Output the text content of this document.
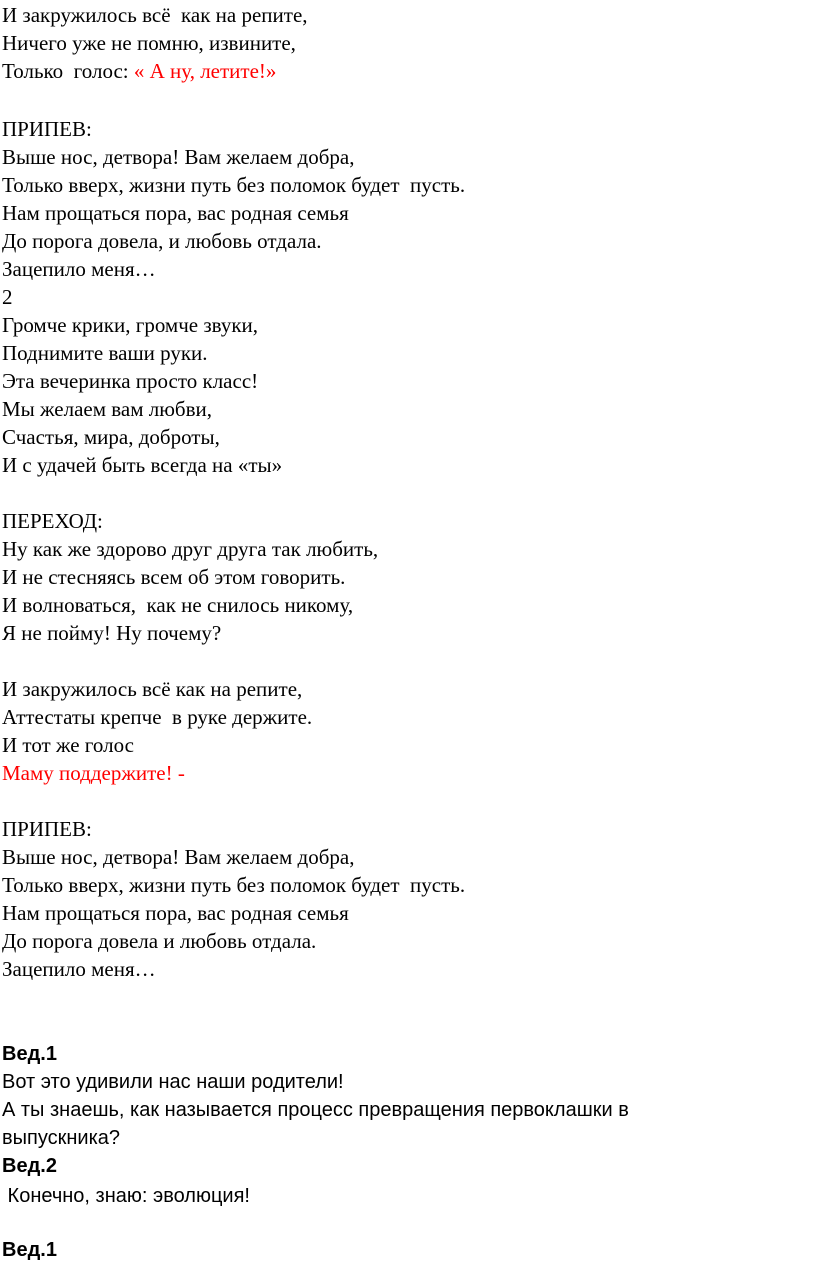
И закружилось всё  как на репите,
Ничего уже не помню, извините,
Только  голос: « А ну, летите!»
ПРИПЕВ:
Выше нос, детвора! Вам желаем добра,
Только вверх, жизни путь без поломок будет  пусть.
Нам прощаться пора, вас родная семья
До порога довела, и любовь отдала.
Зацепило меня…
2
Громче крики, громче звуки,
Поднимите ваши руки.
Эта вечеринка просто класс!
Мы желаем вам любви,
Счастья, мира, доброты,
И с удачей быть всегда на «ты»
ПЕРЕХОД:
Ну как же здорово друг друга так любить,
И не стесняясь всем об этом говорить.
И волноваться,  как не снилось никому,
Я не пойму! Ну почему?
И закружилось всё как на репите,
Аттестаты крепче  в руке держите.
И тот же голос
Маму поддержите! -
ПРИПЕВ:
Выше нос, детвора! Вам желаем добра,
Только вверх, жизни путь без поломок будет  пусть.
Нам прощаться пора, вас родная семья
До порога довела и любовь отдала.
Зацепило меня…
Вед.1
Вот это удивили нас наши родители!
А ты знаешь, как называется процесс превращения первоклашки в
выпускника?
Вед.2
Конечно, знаю: эволюция!
Вед.1
